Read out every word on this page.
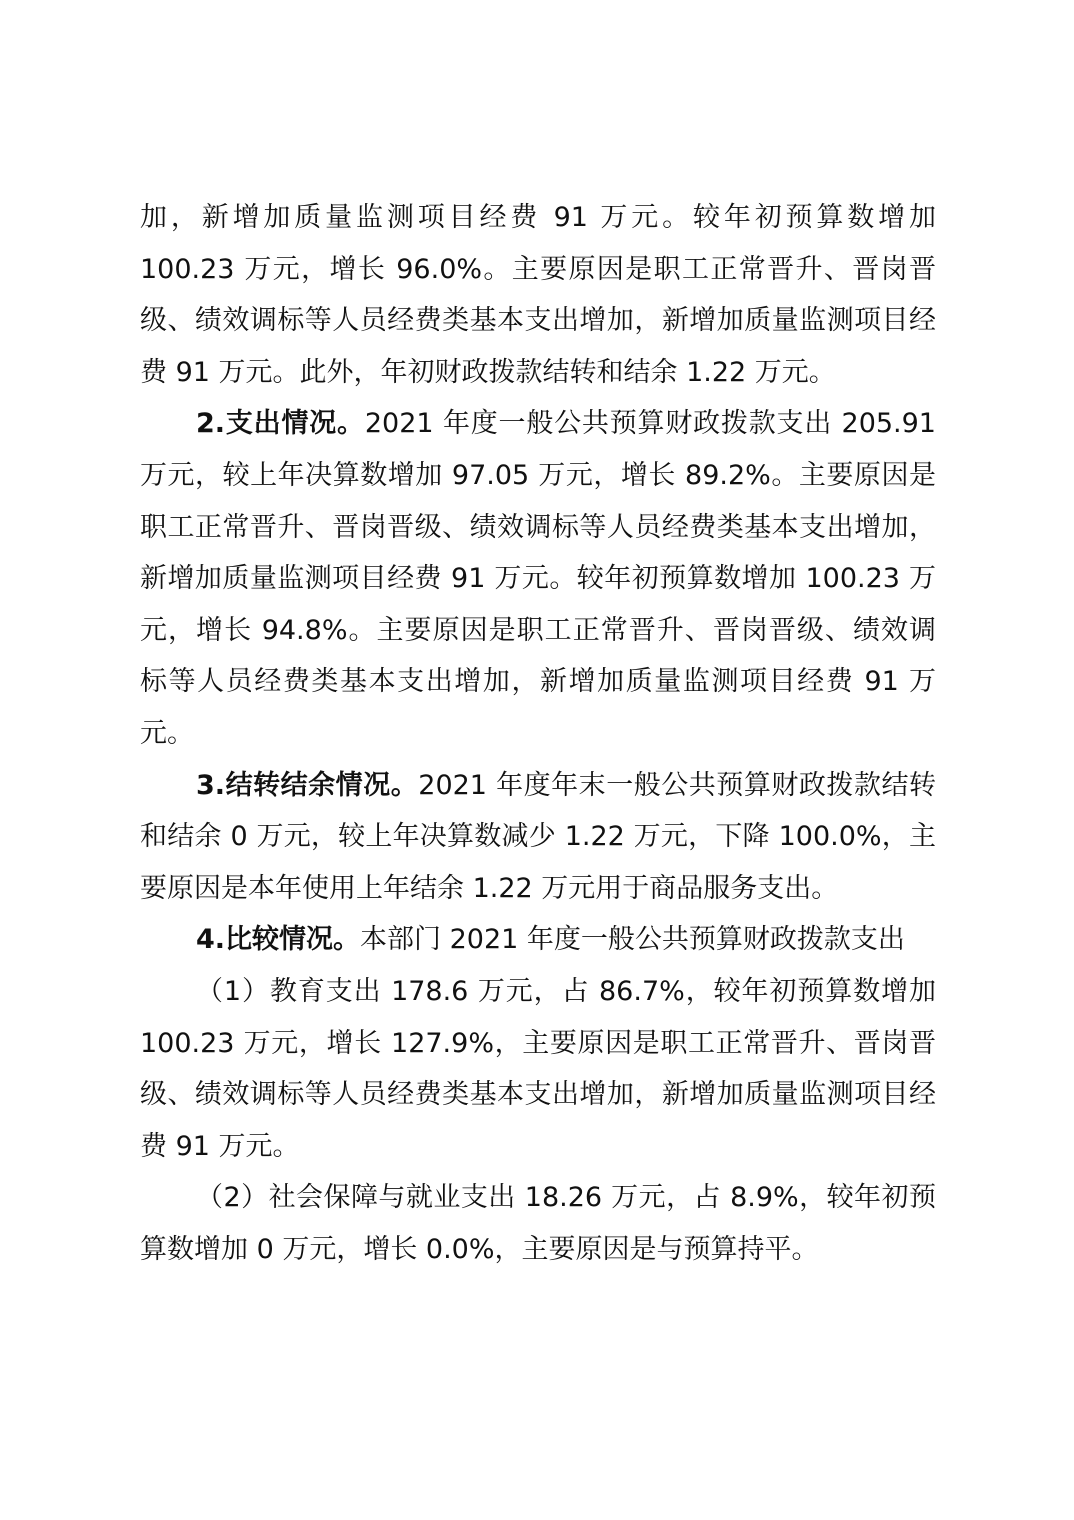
加，新增加质量监测项目经费 91 万元。较年初预算数增加 100.23 万元，增长 96.0%。主要原因是职工正常晋升、晋岗晋级、绩效调标等人员经费类基本支出增加，新增加质量监测项目经费 91 万元。此外，年初财政拨款结转和结余 1.22 万元。

2.支出情况。2021 年度一般公共预算财政拨款支出 205.91 万元，较上年决算数增加 97.05 万元，增长 89.2%。主要原因是职工正常晋升、晋岗晋级、绩效调标等人员经费类基本支出增加，新增加质量监测项目经费 91 万元。较年初预算数增加 100.23 万元，增长 94.8%。主要原因是职工正常晋升、晋岗晋级、绩效调标等人员经费类基本支出增加，新增加质量监测项目经费 91 万元。

3.结转结余情况。2021 年度年末一般公共预算财政拨款结转和结余 0 万元，较上年决算数减少 1.22 万元，下降 100.0%，主要原因是本年使用上年结余 1.22 万元用于商品服务支出。

4.比较情况。本部门 2021 年度一般公共预算财政拨款支出

（1）教育支出 178.6 万元，占 86.7%，较年初预算数增加 100.23 万元，增长 127.9%，主要原因是职工正常晋升、晋岗晋级、绩效调标等人员经费类基本支出增加，新增加质量监测项目经费 91 万元。

（2）社会保障与就业支出 18.26 万元，占 8.9%，较年初预算数增加 0 万元，增长 0.0%，主要原因是与预算持平。
